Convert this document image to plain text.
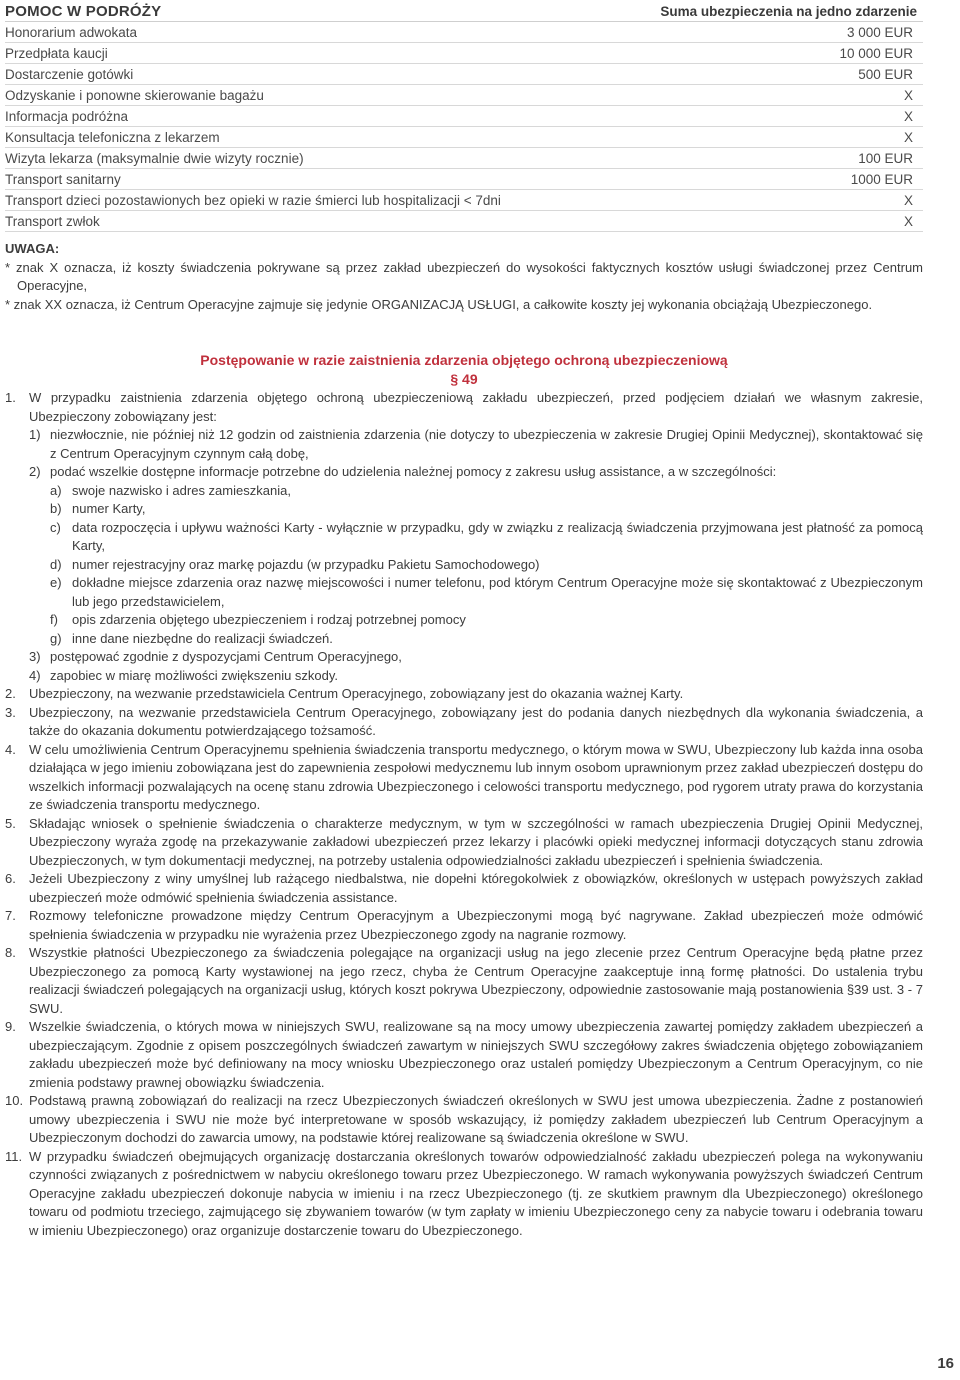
POMOC W PODRÓŻY	Suma ubezpieczenia na jedno zdarzenie
Honorarium adwokata	3 000 EUR
Przedpłata kaucji	10 000 EUR
Dostarczenie gotówki	500 EUR
Odzyskanie i ponowne skierowanie bagażu	X
Informacja podróżna	X
Konsultacja telefoniczna z lekarzem	X
Wizyta lekarza (maksymalnie dwie wizyty rocznie)	100 EUR
Transport sanitarny	1000 EUR
Transport dzieci pozostawionych bez opieki w razie śmierci lub hospitalizacji < 7dni	X
Transport zwłok	X
UWAGA:
* znak X oznacza, iż koszty świadczenia pokrywane są przez zakład ubezpieczeń do wysokości faktycznych kosztów usługi świadczonej przez Centrum Operacyjne,
* znak XX oznacza, iż Centrum Operacyjne zajmuje się jedynie ORGANIZACJĄ USŁUGI, a całkowite koszty jej wykonania obciążają Ubezpieczonego.
Postępowanie w razie zaistnienia zdarzenia objętego ochroną ubezpieczeniową
§ 49
1.	W przypadku zaistnienia zdarzenia objętego ochroną ubezpieczeniową zakładu ubezpieczeń, przed podjęciem działań we własnym zakresie, Ubezpieczony zobowiązany jest:
1) niezwłocznie, nie później niż 12 godzin od zaistnienia zdarzenia (nie dotyczy to ubezpieczenia w zakresie Drugiej Opinii Medycznej), skontaktować się z Centrum Operacyjnym czynnym całą dobę,
2) podać wszelkie dostępne informacje potrzebne do udzielenia należnej pomocy z zakresu usług assistance, a w szczególności:
a) swoje nazwisko i adres zamieszkania,
b) numer Karty,
c) data rozpoczęcia i upływu ważności Karty - wyłącznie w przypadku, gdy w związku z realizacją świadczenia przyjmowana jest płatność za pomocą Karty,
d) numer rejestracyjny oraz markę pojazdu (w przypadku Pakietu Samochodowego)
e) dokładne miejsce zdarzenia oraz nazwę miejscowości i numer telefonu, pod którym Centrum Operacyjne może się skontaktować z Ubezpieczonym lub jego przedstawicielem,
f)	opis zdarzenia objętego ubezpieczeniem i rodzaj potrzebnej pomocy
g) inne dane niezbędne do realizacji świadczeń.
3) postępować zgodnie z dyspozycjami Centrum Operacyjnego,
4) zapobiec w miarę możliwości zwiększeniu szkody.
2.	Ubezpieczony, na wezwanie przedstawiciela Centrum Operacyjnego, zobowiązany jest do okazania ważnej Karty.
3.	Ubezpieczony, na wezwanie przedstawiciela Centrum Operacyjnego, zobowiązany jest do podania danych niezbędnych dla wykonania świadczenia, a także do okazania dokumentu potwierdzającego tożsamość.
4.	W celu umożliwienia Centrum Operacyjnemu spełnienia świadczenia transportu medycznego, o którym mowa w SWU, Ubezpieczony lub każda inna osoba działająca w jego imieniu zobowiązana jest do zapewnienia zespołowi medycznemu lub innym osobom uprawnionym przez zakład ubezpieczeń dostępu do wszelkich informacji pozwalających na ocenę stanu zdrowia Ubezpieczonego i celowości transportu medycznego, pod rygorem utraty prawa do korzystania ze świadczenia transportu medycznego.
5.	Składając wniosek o spełnienie świadczenia o charakterze medycznym, w tym w szczególności w ramach ubezpieczenia Drugiej Opinii Medycznej, Ubezpieczony wyraża zgodę na przekazywanie zakładowi ubezpieczeń przez lekarzy i placówki opieki medycznej informacji dotyczących stanu zdrowia Ubezpieczonych, w tym dokumentacji medycznej, na potrzeby ustalenia odpowiedzialności zakładu ubezpieczeń i spełnienia świadczenia.
6.	Jeżeli Ubezpieczony z winy umyślnej lub rażącego niedbalstwa, nie dopełni któregokolwiek z obowiązków, określonych w ustępach powyższych zakład ubezpieczeń może odmówić spełnienia świadczenia assistance.
7.	Rozmowy telefoniczne prowadzone między Centrum Operacyjnym a Ubezpieczonymi mogą być nagrywane. Zakład ubezpieczeń może odmówić spełnienia świadczenia w przypadku nie wyrażenia przez Ubezpieczonego zgody na nagranie rozmowy.
8.	Wszystkie płatności Ubezpieczonego za świadczenia polegające na organizacji usług na jego zlecenie przez Centrum Operacyjne będą płatne przez Ubezpieczonego za pomocą Karty wystawionej na jego rzecz, chyba że Centrum Operacyjne zaakceptuje inną formę płatności. Do ustalenia trybu realizacji świadczeń polegających na organizacji usług, których koszt pokrywa Ubezpieczony, odpowiednie zastosowanie mają postanowienia §39 ust. 3 - 7 SWU.
9.	Wszelkie świadczenia, o których mowa w niniejszych SWU, realizowane są na mocy umowy ubezpieczenia zawartej pomiędzy zakładem ubezpieczeń a ubezpieczającym. Zgodnie z opisem poszczególnych świadczeń zawartym w niniejszych SWU szczegółowy zakres świadczenia objętego zobowiązaniem zakładu ubezpieczeń może być definiowany na mocy wniosku Ubezpieczonego oraz ustaleń pomiędzy Ubezpieczonym a Centrum Operacyjnym, co nie zmienia podstawy prawnej obowiązku świadczenia.
10. Podstawą prawną zobowiązań do realizacji na rzecz Ubezpieczonych świadczeń określonych w SWU jest umowa ubezpieczenia. Żadne z postanowień umowy ubezpieczenia i SWU nie może być interpretowane w sposób wskazujący, iż pomiędzy zakładem ubezpieczeń lub Centrum Operacyjnym a Ubezpieczonym dochodzi do zawarcia umowy, na podstawie której realizowane są świadczenia określone w SWU.
11. W przypadku świadczeń obejmujących organizację dostarczania określonych towarów odpowiedzialność zakładu ubezpieczeń polega na wykonywaniu czynności związanych z pośrednictwem w nabyciu określonego towaru przez Ubezpieczonego. W ramach wykonywania powyższych świadczeń Centrum Operacyjne zakładu ubezpieczeń dokonuje nabycia w imieniu i na rzecz Ubezpieczonego (tj. ze skutkiem prawnym dla Ubezpieczonego) określonego towaru od podmiotu trzeciego, zajmującego się zbywaniem towarów (w tym zapłaty w imieniu Ubezpieczonego ceny za nabycie towaru i odebrania towaru w imieniu Ubezpieczonego) oraz organizuje dostarczenie towaru do Ubezpieczonego.
16
